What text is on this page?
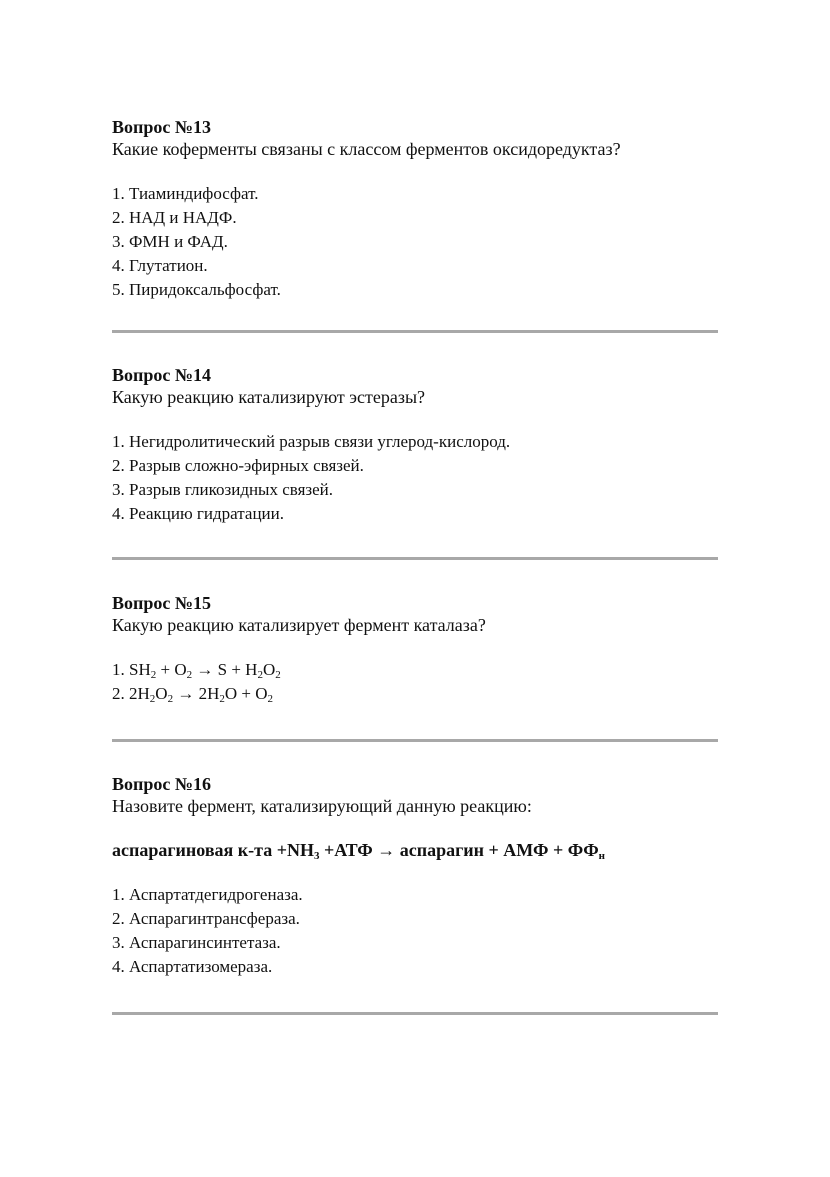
Вопрос №13

Какие коферменты связаны с классом ферментов оксидоредуктаз?

1. Тиаминдифосфат.
2. НАД и НАДФ.
3. ФМН и ФАД.
4. Глутатион.
5. Пиридоксальфосфат.

Вопрос №14

Какую реакцию катализируют эстеразы?

1. Негидролитический разрыв связи углерод-кислород.
2. Разрыв сложно-эфирных связей.
3. Разрыв гликозидных связей.
4. Реакцию гидратации.

Вопрос №15

Какую реакцию катализирует фермент каталаза?

1. $SH_2 + O_2 \to S + H_2O_2$
2. $2H_2O_2 \to 2H_2O + O_2$

Вопрос №16

Назовите фермент, катализирующий данную реакцию:

аспарагиновая $к-та +NH_3 +АТФ$ → аспарагин + АМФ + $ФФ_н$

1. Аспартатдегидрогеназа.
2. Аспарагинтрансфераза.
3. Аспарагинсинтетаза.
4. Аспартатизомераза.
